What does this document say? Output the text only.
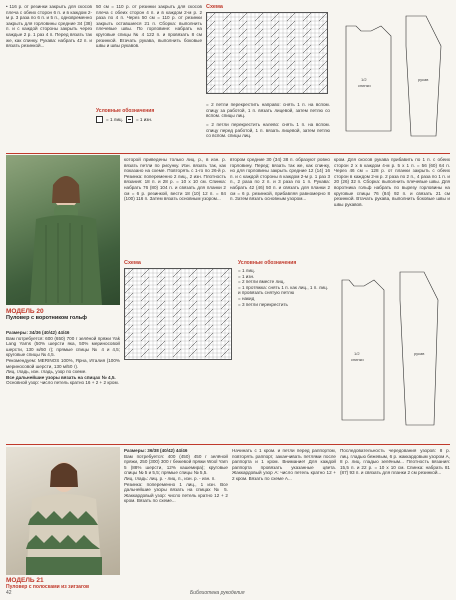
• 116 р. от резинки закрыть для скосов плеча с обеих сторон 6 п. и в каждом 2-м р. 3 раза по 6 п. и 5 п., одновременно закрыть для горловины средние 34 (38) п. и с каждой стороны закрыть через каждые 2 р. 1 раз 4 п. Перед вязать так же, как спинку. Рукава: набрать 42 п. и вязать резинкой...
50 см = 110 р. от резинки закрыть для скосов плеча с обеих сторон 4 п. и в каждом 2-м р. 2 раза по 4 п. Через 50 см = 110 р. от резинки закрыть оставшиеся 21 п. Сборка: выполнить плечевые швы. По горловине: набрать на круговые спицы № 4 122 п. и провязать 8 см резинкой. Втачать рукава, выполнить боковые швы и швы рукавов.
Условные обозначения
= 1 лиц.	= 1 изн.
Схема
= 2 петли перекрестить направо: снять 1 п. на вспом. спицу за работой, 1 п. вязать лицевой, затем петлю со вспом. спицы лиц.
= 2 петли перекрестить налево: снять 1 п. на вспом. спицу перед работой, 1 п. вязать лицевой, затем петлю со вспом. спицы лиц.
1/2
спинки
рукав
МОДЕЛЬ 20
Пуловер с воротником гольф
Размеры: 34/36 (40/42) 44/46
Вам потребуется: 600 (650) 700 г зелёной пряжи Yak Lang Yarns (50% шерсти яка, 50% мериносовой шерсти, 130 м/50 г); прямые спицы № 4 и 4,5; круговые спицы № 4,5.
Рекомендуем: MERINOS 100%, Ярна, Италия (100% мериносовой шерсти, 130 м/50 г).
Лиц. гладь, изн. гладь, узор по схеме.
Все дальнейшие узоры вязать на спицах № 4,5.
Основной узор: число петель кратно 16 + 2 + 2 кром.
которой приведены только лиц. р., в изн. р. вязать петли по рисунку. Изн. вязать так, как показано на схеме. Повторять с 1-го по 26-й р. Резинка: попеременно 2 лиц., 2 изн. Плотность вязания: 18 п. и 28 р. = 10 х 10 см. Спинка: набрать 76 (80) 104 п. и связать для планки 2 см = 6 р. резинкой, вести 18 (10) 12 п. = 84 (100) 116 п. Затем вязать основным узором...
втором средние 30 (34) 38 п. образуют ровно горловину. Перед: вязать так же, как спинку, но для горловины закрыть средние 12 (14) 16 п. и с каждой стороны в каждом 2-м р. 1 раз 3 п., 2 раза по 2 п. и 3 раза по 1 п. Рукава: набрать 42 (46) 50 п. и связать для планки 2 см = 6 р. резинкой, прибавляя равномерно 8 п. Затем вязать основным узором...
кром. Для скосов рукава прибавить по 1 п. с обеих сторон 2 х в каждом 4-м р. 5 х 1 п. = 56 (60) 64 п. Через 46 см = 128 р. от планки закрыть с обеих сторон в каждом 2-м р. 2 раза по 2 п., 4 раза по 1 п. и 20 (26) 32 п. Сборка: выполнить плечевые швы. Для воротника гольф набрать по вырезу горловины на круговые спицы 76 (84) 92 п. и связать 21 см резинкой. Втачать рукава, выполнить боковые швы и швы рукавов.
Схема	Условные обозначения
= 1 лиц.
= 1 изн.
= 2 петли вместе лиц.
= 1 протяжка: снять 1 п. как лиц., 1 п. лиц. и провязать снятую петлю
= накид
= 3 петли перекрестить
1/2
спинки
рукав
МОДЕЛЬ 21
Пуловер с полосками из зигзагов
Размеры: 36/38 (40/42) 44/46
Вам потребуется: 400 (450) 450 г зелёной пряжи, 250 (300) 300 г бежевой пряжи Wool Yarn 5 (88% шерсти, 12% кашемира); круговые спицы № 5 и 5,5; прямые спицы № 5,5.
Лиц. гладь: лиц. р. - лиц. п., изн. р. - изн. п.
Резинка: попеременно 1 лиц., 1 изн. Все дальнейшие узоры вязать на спицах № 5. Жаккардовый узор: число петель кратно 12 + 2 кром. Вязать по схеме...
Начинать с 1 кром. и петли перед раппортом, повторять раппорт, заканчивать петлями после раппорта и 1 кром. Внимание! Для каждой раппорта провязать указанные цвета. Жаккардовый узор А: число петель кратно 12 + 2 кром. Вязать по схеме А...
Последовательность чередования узоров: 8 р. лиц. гладью бежевым, 6 р. жаккардовым узором А, 8 р. лиц. гладью зелёным... Плотность вязания: 15,5 п. и 22 р. = 10 х 10 см. Спинка: набрать 81 (87) 93 п. и связать для планки 2 см резинкой...
42	Библиотека рукоделия
